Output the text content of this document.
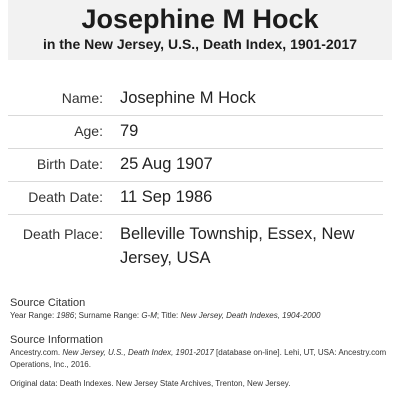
Josephine M Hock
in the New Jersey, U.S., Death Index, 1901-2017
Name: Josephine M Hock
Age: 79
Birth Date: 25 Aug 1907
Death Date: 11 Sep 1986
Death Place: Belleville Township, Essex, New Jersey, USA
Source Citation
Year Range: 1986; Surname Range: G-M; Title: New Jersey, Death Indexes, 1904-2000
Source Information
Ancestry.com. New Jersey, U.S., Death Index, 1901-2017 [database on-line]. Lehi, UT, USA: Ancestry.com Operations, Inc., 2016.
Original data: Death Indexes. New Jersey State Archives, Trenton, New Jersey.
